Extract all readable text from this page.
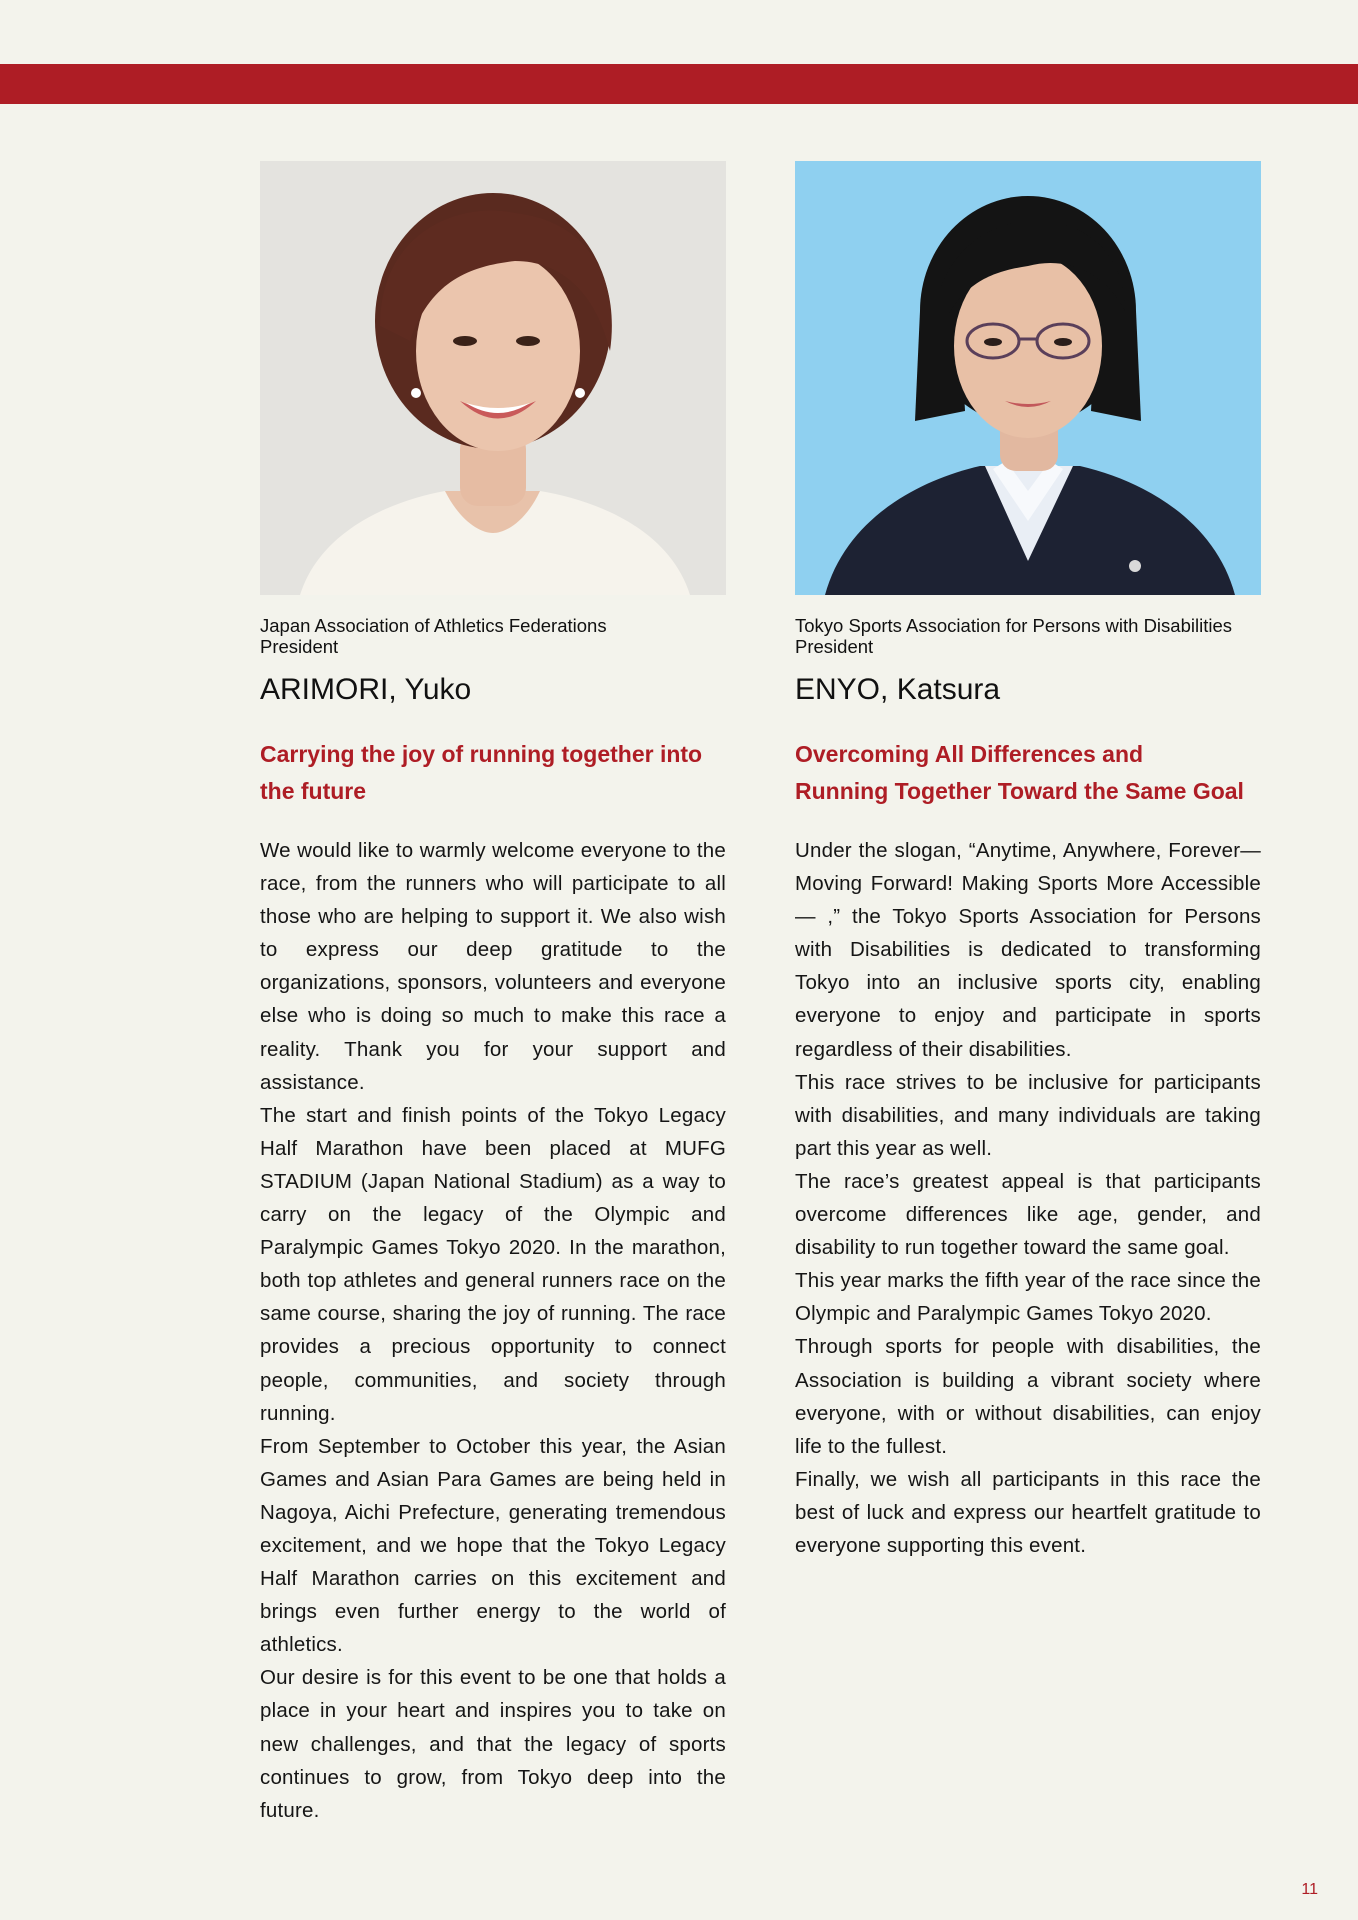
Japan Association of Athletics Federations
President
ARIMORI, Yuko
Carrying the joy of running together into
the future

We would like to warmly welcome everyone to the race, from the runners who will participate to all those who are helping to support it. We also wish to express our deep gratitude to the organizations, sponsors, volunteers and everyone else who is doing so much to make this race a reality. Thank you for your support and assistance.

The start and finish points of the Tokyo Legacy Half Marathon have been placed at MUFG STADIUM (Japan National Stadium) as a way to carry on the legacy of the Olympic and Paralympic Games Tokyo 2020. In the marathon, both top athletes and general runners race on the same course, sharing the joy of running. The race provides a precious opportunity to connect people, communities, and society through running.

From September to October this year, the Asian Games and Asian Para Games are being held in Nagoya, Aichi Prefecture, generating tremendous excitement, and we hope that the Tokyo Legacy Half Marathon carries on this excitement and brings even further energy to the world of athletics.

Our desire is for this event to be one that holds a place in your heart and inspires you to take on new challenges, and that the legacy of sports continues to grow, from Tokyo deep into the future.

Tokyo Sports Association for Persons with Disabilities
President
ENYO, Katsura
Overcoming All Differences and
Running Together Toward the Same Goal

Under the slogan, “Anytime, Anywhere, Forever—Moving Forward! Making Sports More Accessible— ,” the Tokyo Sports Association for Persons with Disabilities is dedicated to transforming Tokyo into an inclusive sports city, enabling everyone to enjoy and participate in sports regardless of their disabilities.

This race strives to be inclusive for participants with disabilities, and many individuals are taking part this year as well.

The race’s greatest appeal is that participants overcome differences like age, gender, and disability to run together toward the same goal.

This year marks the fifth year of the race since the Olympic and Paralympic Games Tokyo 2020.

Through sports for people with disabilities, the Association is building a vibrant society where everyone, with or without disabilities, can enjoy life to the fullest.

Finally, we wish all participants in this race the best of luck and express our heartfelt gratitude to everyone supporting this event.

11
